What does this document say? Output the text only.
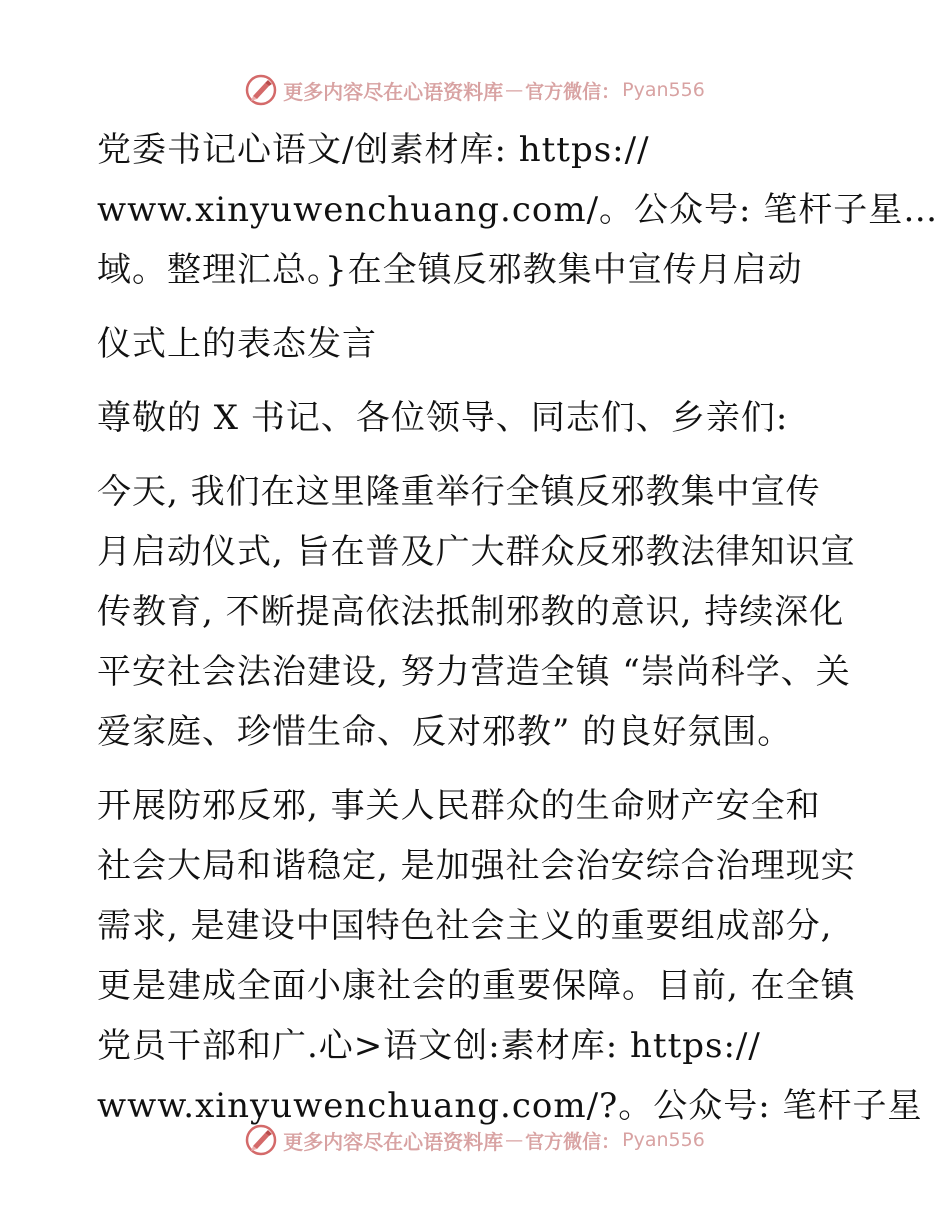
更多内容尽在心语资料库 — 官方微信： Pyan556
党委书记心语文/创素材库: https://
www.xinyuwenchuang.com/。公众号: 笔杆子星…
域。整理汇总。}在全镇反邪教集中宣传月启动
仪式上的表态发言
尊敬的 X 书记、各位领导、同志们、乡亲们:
今天, 我们在这里隆重举行全镇反邪教集中宣传
月启动仪式, 旨在普及广大群众反邪教法律知识宣
传教育, 不断提高依法抵制邪教的意识, 持续深化
平安社会法治建设, 努力营造全镇 “崇尚科学、关
爱家庭、珍惜生命、反对邪教” 的良好氛围。
开展防邪反邪, 事关人民群众的生命财产安全和
社会大局和谐稳定, 是加强社会治安综合治理现实
需求, 是建设中国特色社会主义的重要组成部分,
更是建成全面小康社会的重要保障。目前, 在全镇
党员干部和广.心>语文创:素材库: https://
www.xinyuwenchuang.com/?。公众号: 笔杆子星
更多内容尽在心语资料库 — 官方微信： Pyan556
